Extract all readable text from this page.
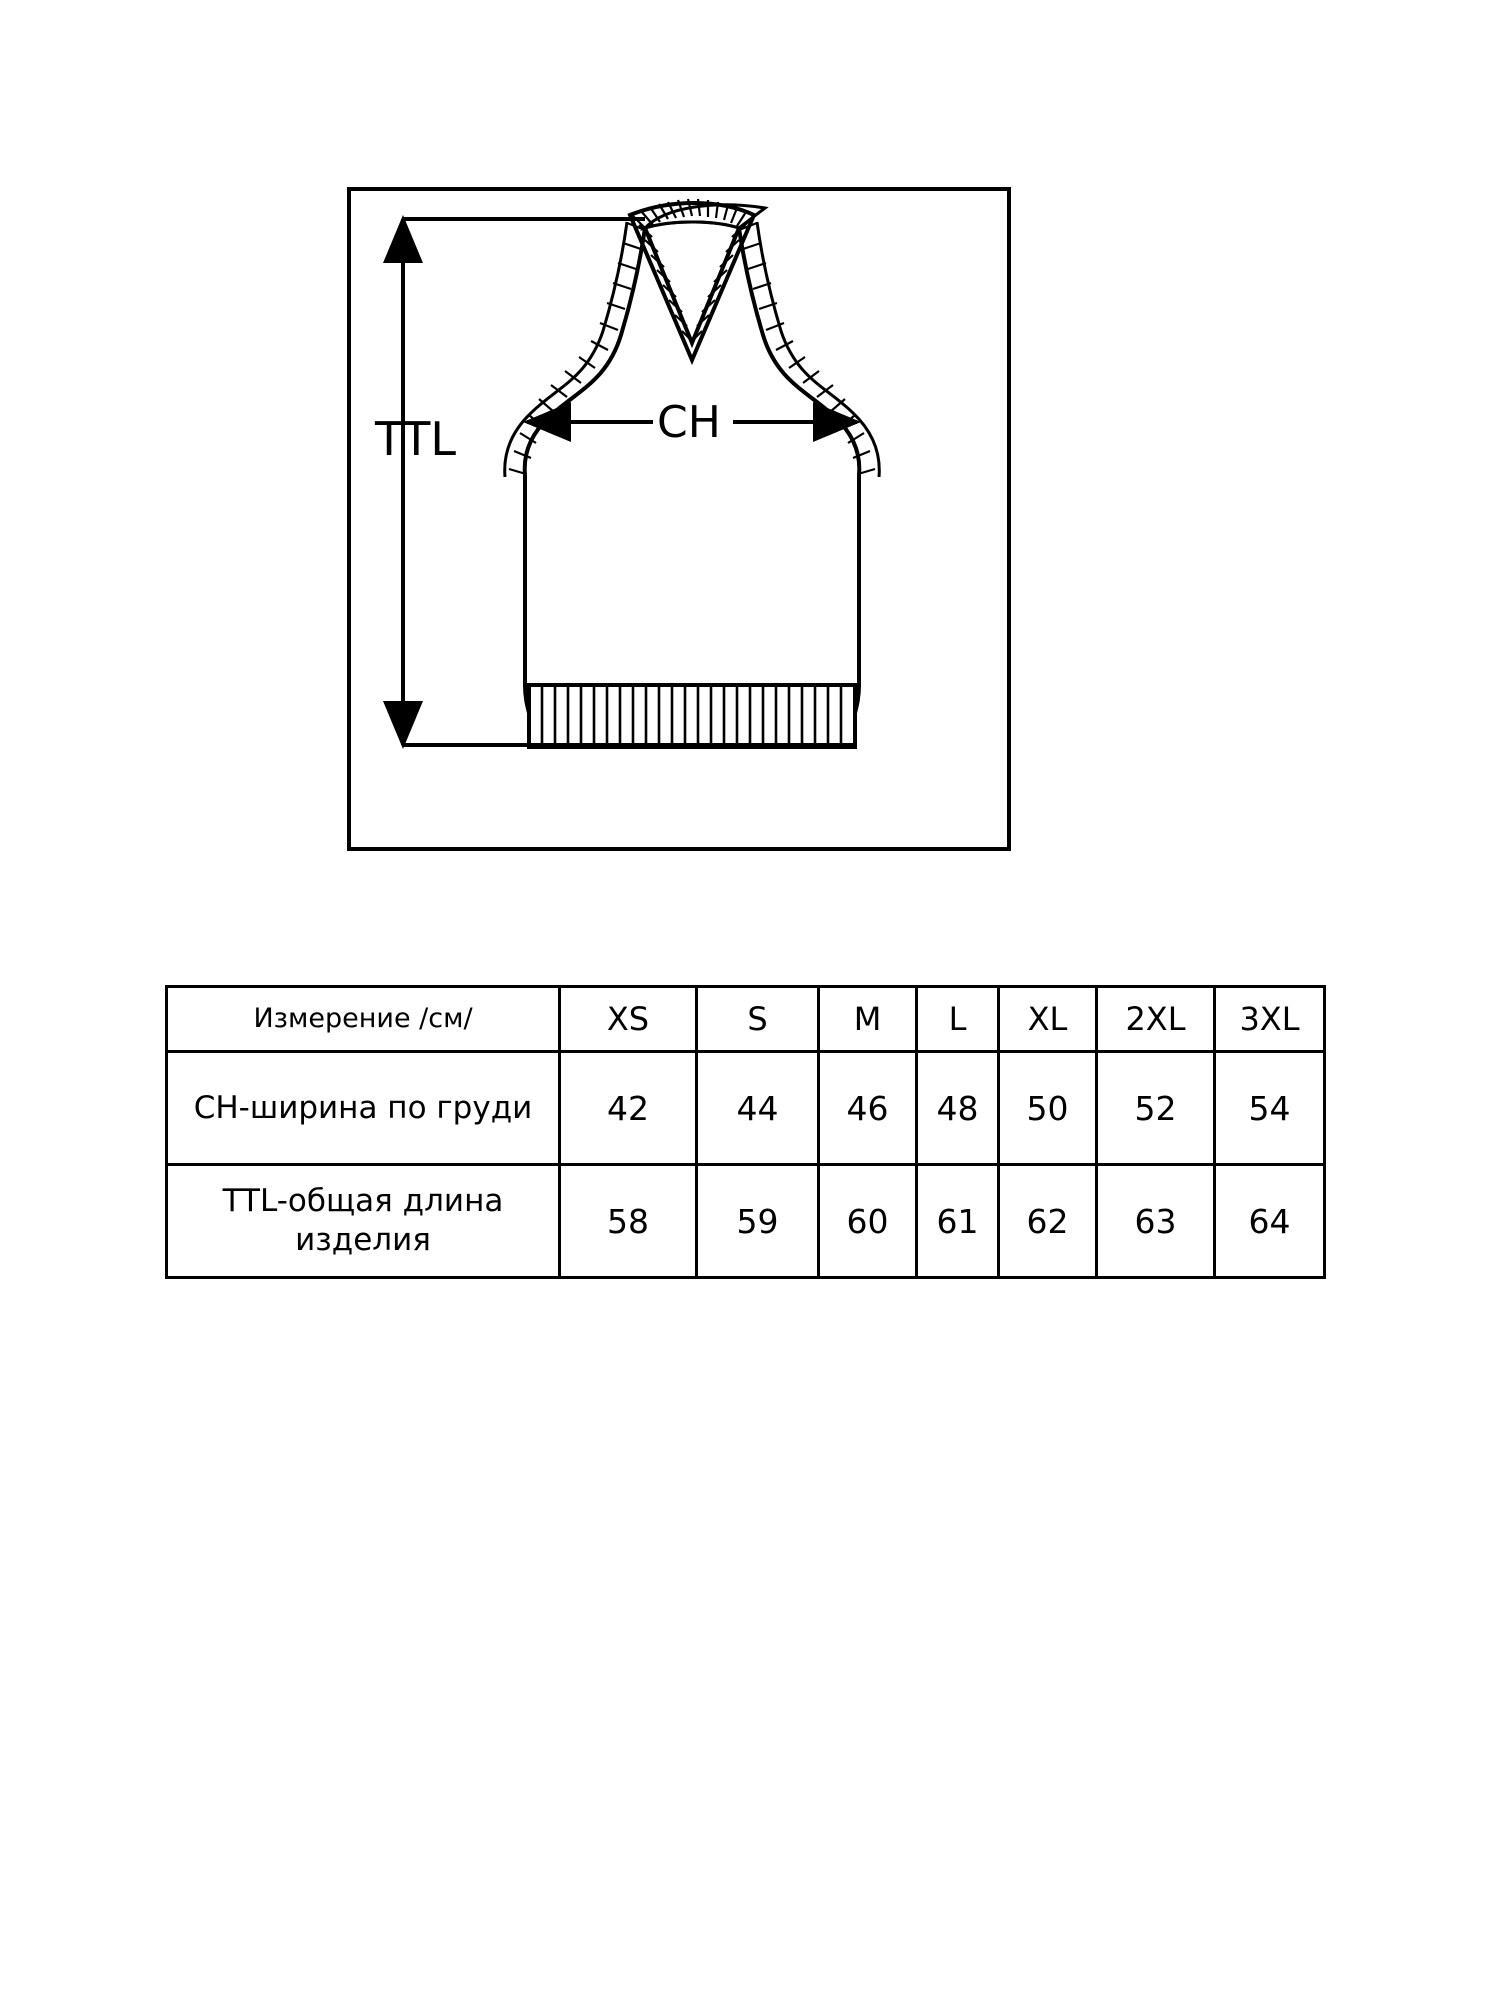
TTL	CH
Измерение /см/	XS	S	M	L	XL	2XL	3XL
CH-ширина по груди	42	44	46	48	50	52	54
TTL-общая длина изделия	58	59	60	61	62	63	64
